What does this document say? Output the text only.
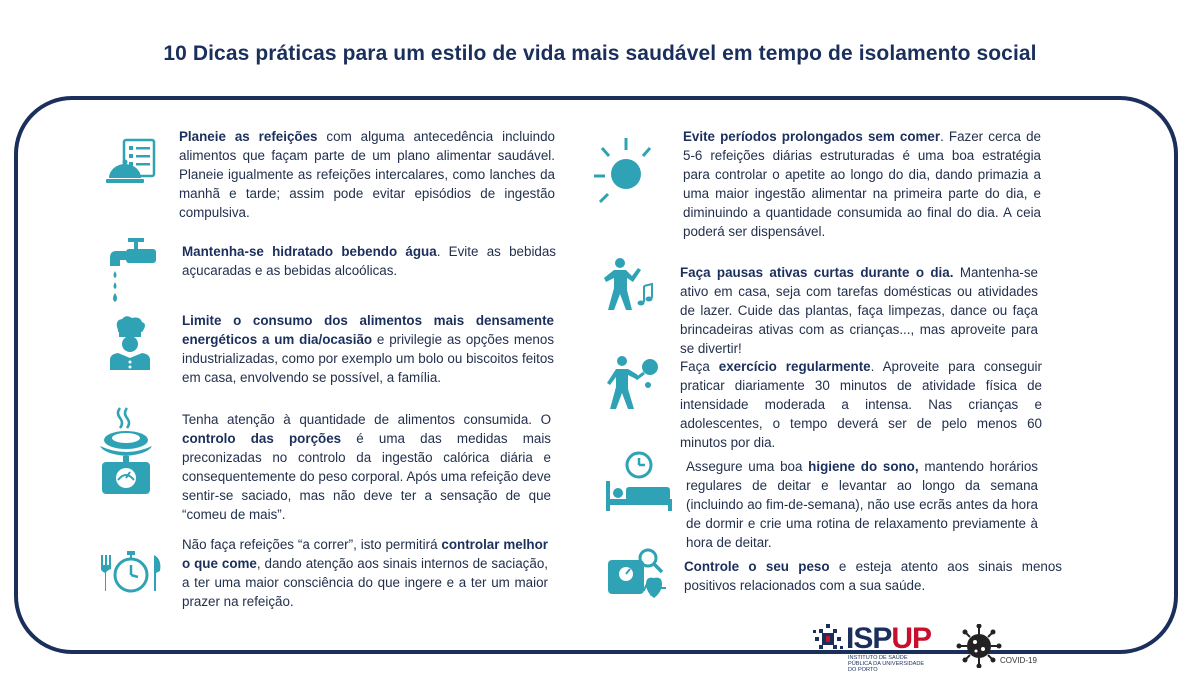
10 Dicas práticas para um estilo de vida mais saudável em tempo de isolamento social

Planeie as refeições com alguma antecedência incluindo alimentos que façam parte de um plano alimentar saudável. Planeie igualmente as refeições intercalares, como lanches da manhã e tarde; assim pode evitar episódios de ingestão compulsiva.

Mantenha-se hidratado bebendo água. Evite as bebidas açucaradas e as bebidas alcoólicas.

Limite o consumo dos alimentos mais densamente energéticos a um dia/ocasião e privilegie as opções menos industrializadas, como por exemplo um bolo ou biscoitos feitos em casa, envolvendo se possível, a família.

Tenha atenção à quantidade de alimentos consumida. O controlo das porções é uma das medidas mais preconizadas no controlo da ingestão calórica diária e consequentemente do peso corporal. Após uma refeição deve sentir-se saciado, mas não deve ter a sensação de que “comeu de mais”.

Não faça refeições “a correr”, isto permitirá controlar melhor o que come, dando atenção aos sinais internos de saciação, a ter uma maior consciência do que ingere e a ter um maior prazer na refeição.

Evite períodos prolongados sem comer. Fazer cerca de 5-6 refeições diárias estruturadas é uma boa estratégia para controlar o apetite ao longo do dia, dando primazia a uma maior ingestão alimentar na primeira parte do dia, e diminuindo a quantidade consumida ao final do dia. A ceia poderá ser dispensável.

Faça pausas ativas curtas durante o dia. Mantenha-se ativo em casa, seja com tarefas domésticas ou atividades de lazer. Cuide das plantas, faça limpezas, dance ou faça brincadeiras ativas com as crianças..., mas aproveite para se divertir!

Faça exercício regularmente. Aproveite para conseguir praticar diariamente 30 minutos de atividade física de intensidade moderada a intensa. Nas crianças e adolescentes, o tempo deverá ser de pelo menos 60 minutos por dia.

Assegure uma boa higiene do sono, mantendo horários regulares de deitar e levantar ao longo da semana (incluindo ao fim-de-semana), não use ecrãs antes da hora de dormir e crie uma rotina de relaxamento previamente à hora de deitar.

Controle o seu peso e esteja atento aos sinais menos positivos relacionados com a sua saúde.

ISPUP
INSTITUTO DE SAÚDE PÚBLICA DA UNIVERSIDADE DO PORTO
COVID-19
